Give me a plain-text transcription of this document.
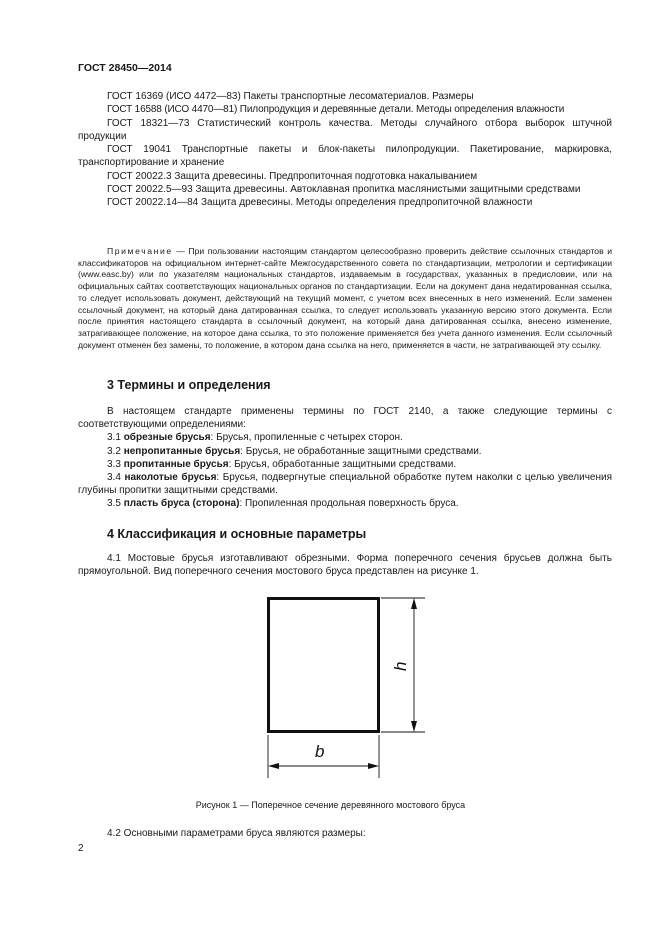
ГОСТ 28450—2014

ГОСТ 16369 (ИСО 4472—83) Пакеты транспортные лесоматериалов. Размеры

ГОСТ 16588 (ИСО 4470—81) Пилопродукция и деревянные детали. Методы определения влажности

ГОСТ 18321—73 Статистический контроль качества. Методы случайного отбора выборок штучной продукции

ГОСТ 19041 Транспортные пакеты и блок-пакеты пилопродукции. Пакетирование, маркировка, транспортирование и хранение

ГОСТ 20022.3 Защита древесины. Предпропиточная подготовка накалыванием

ГОСТ 20022.5—93 Защита древесины. Автоклавная пропитка маслянистыми защитными средствами

ГОСТ 20022.14—84 Защита древесины. Методы определения предпропиточной влажности

Примечание — При пользовании настоящим стандартом целесообразно проверить действие ссылочных стандартов и классификаторов на официальном интернет-сайте Межгосударственного совета по стандартизации, метрологии и сертификации (www.easc.by) или по указателям национальных стандартов, издаваемым в государствах, указанных в предисловии, или на официальных сайтах соответствующих национальных органов по стандартизации. Если на документ дана недатированная ссылка, то следует использовать документ, действующий на текущий момент, с учетом всех внесенных в него изменений. Если заменен ссылочный документ, на который дана датированная ссылка, то следует использовать указанную версию этого документа. Если после принятия настоящего стандарта в ссылочный документ, на который дана датированная ссылка, внесено изменение, затрагивающее положение, на которое дана ссылка, то это положение применяется без учета данного изменения. Если ссылочный документ отменен без замены, то положение, в котором дана ссылка на него, применяется в части, не затрагивающей эту ссылку.

3 Термины и определения

В настоящем стандарте применены термины по ГОСТ 2140, а также следующие термины с соответствующими определениями:

3.1 обрезные брусья: Брусья, пропиленные с четырех сторон.

3.2 непропитанные брусья: Брусья, не обработанные защитными средствами.

3.3 пропитанные брусья: Брусья, обработанные защитными средствами.

3.4 наколотые брусья: Брусья, подвергнутые специальной обработке путем наколки с целью увеличения глубины пропитки защитными средствами.

3.5 пласть бруса (сторона): Пропиленная продольная поверхность бруса.

4 Классификация и основные параметры

4.1 Мостовые брусья изготавливают обрезными. Форма поперечного сечения брусьев должна быть прямоугольной. Вид поперечного сечения мостового бруса представлен на рисунке 1.

h
b
Рисунок 1 — Поперечное сечение деревянного мостового бруса
4.2 Основными параметрами бруса являются размеры:
2
